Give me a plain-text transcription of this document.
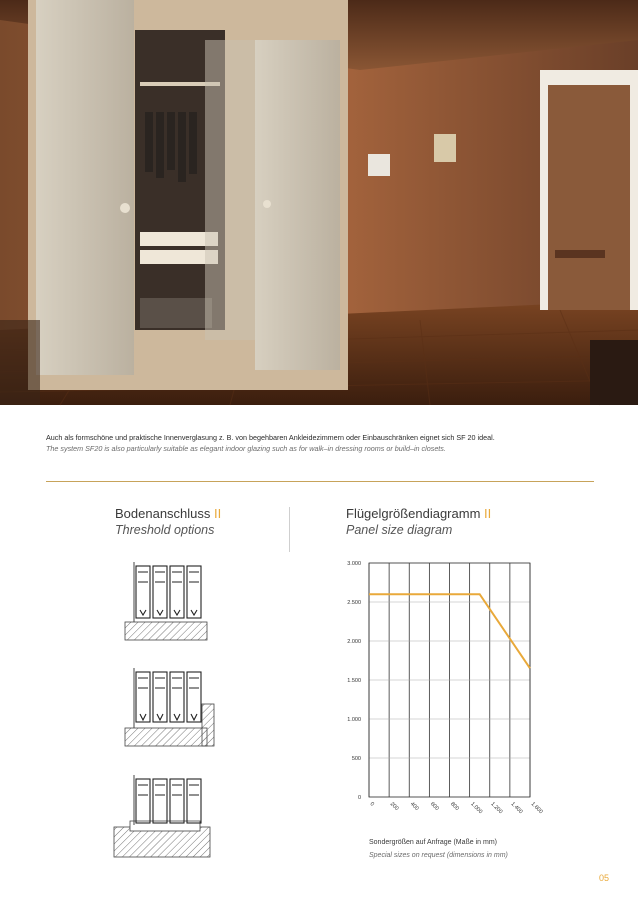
Auch als formschöne und praktische Innenverglasung z. B. von begehbaren Ankleidezimmern oder Einbauschränken eignet sich SF 20 ideal.
The system SF20 is also particularly suitable as elegant indoor glazing such as for walk–in dressing rooms or build–in closets.
Bodenanschluss II
Threshold options
Flügelgrößendiagramm II
Panel size diagram
0 200 400 600 800 1.000 1.200 1.400 1.600
0
500
1.000
1.500
2.000
2.500
3.000
Sondergrößen auf Anfrage (Maße in mm)
Special sizes on request (dimensions in mm)
05
